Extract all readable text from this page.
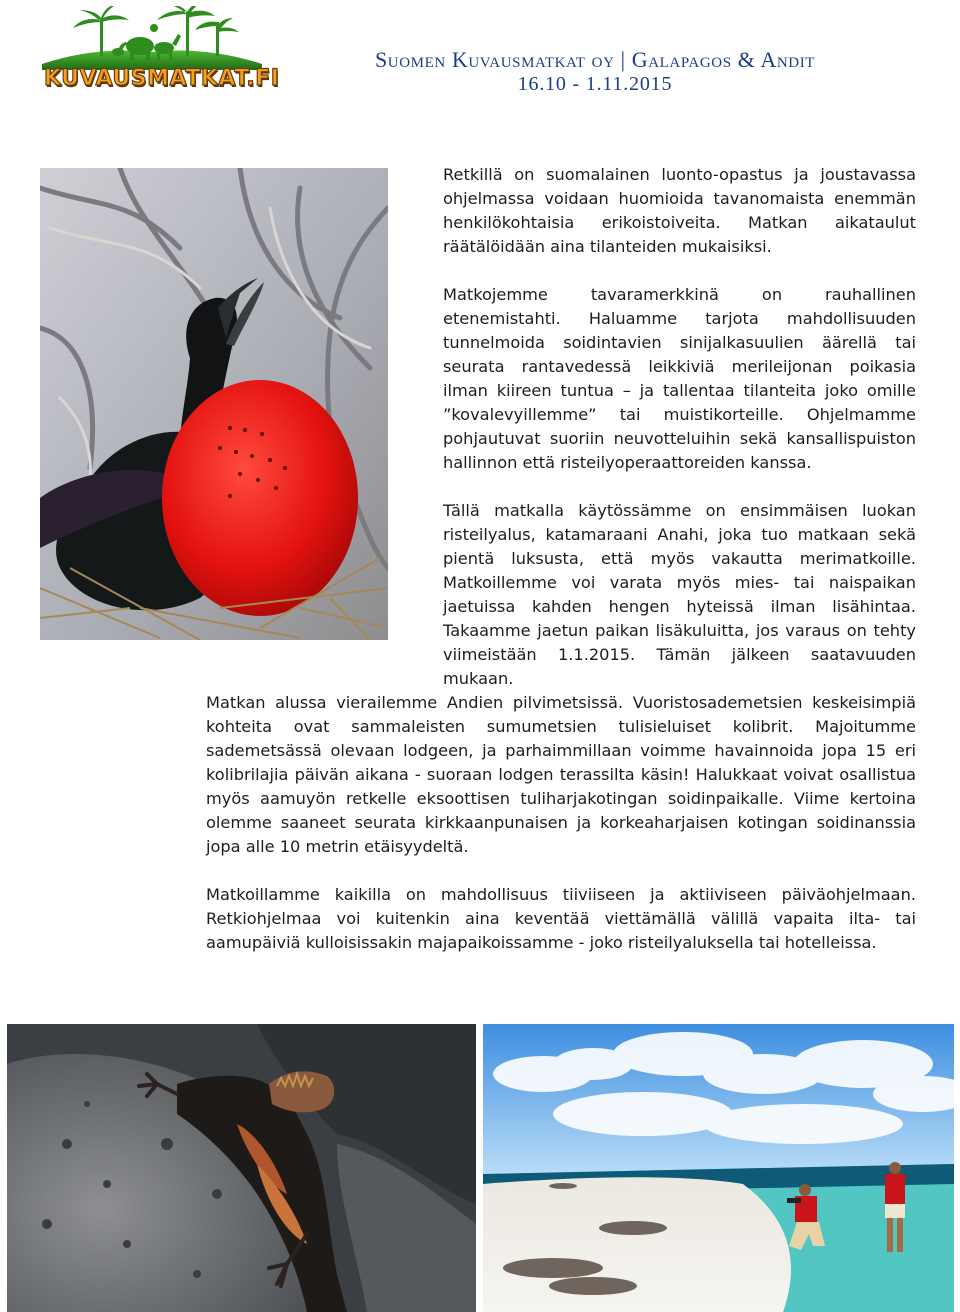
KUVAUSMATKAT.FI
Suomen Kuvausmatkat oy | Galapagos & Andit
16.10 - 1.11.2015

Retkillä on suomalainen luonto-opastus ja joustavassa ohjelmassa voidaan huomioida tavanomaista enemmän henkilökohtaisia erikoistoiveita. Matkan aikataulut räätälöidään aina tilanteiden mukaisiksi.

Matkojemme tavaramerkkinä on rauhallinen etenemistahti. Haluamme tarjota mahdollisuuden tunnelmoida soidintavien sinijalkasuulien äärellä tai seurata rantavedessä leikkiviä merileijonan poikasia ilman kiireen tuntua – ja tallentaa tilanteita joko omille ”kovalevyillemme” tai muistikorteille. Ohjelmamme pohjautuvat suoriin neuvotteluihin sekä kansallispuiston hallinnon että risteilyoperaattoreiden kanssa.

Tällä matkalla käytössämme on ensimmäisen luokan risteilyalus, katamaraani Anahi, joka tuo matkaan sekä pientä luksusta, että myös vakautta merimatkoille. Matkoillemme voi varata myös mies- tai naispaikan jaetuissa kahden hengen hyteissä ilman lisähintaa. Takaamme jaetun paikan lisäkuluitta, jos varaus on tehty viimeistään 1.1.2015. Tämän jälkeen saatavuuden mukaan.

Matkan alussa vierailemme Andien pilvimetsissä. Vuoristosademetsien keskeisimpiä kohteita ovat sammaleisten sumumetsien tulisieluiset kolibrit. Majoitumme sademetsässä olevaan lodgeen, ja parhaimmillaan voimme havainnoida jopa 15 eri kolibrilajia päivän aikana - suoraan lodgen terassilta käsin! Halukkaat voivat osallistua myös aamuyön retkelle eksoottisen tuliharjakotingan soidinpaikalle. Viime kertoina olemme saaneet seurata kirkkaanpunaisen ja korkeaharjaisen kotingan soidinanssia jopa alle 10 metrin etäisyydeltä.

Matkoillamme kaikilla on mahdollisuus tiiviiseen ja aktiiviseen päiväohjelmaan. Retkiohjelmaa voi kuitenkin aina keventää viettämällä välillä vapaita ilta- tai aamupäiviä kulloisissakin majapaikoissamme - joko risteilyaluksella tai hotelleissa.
